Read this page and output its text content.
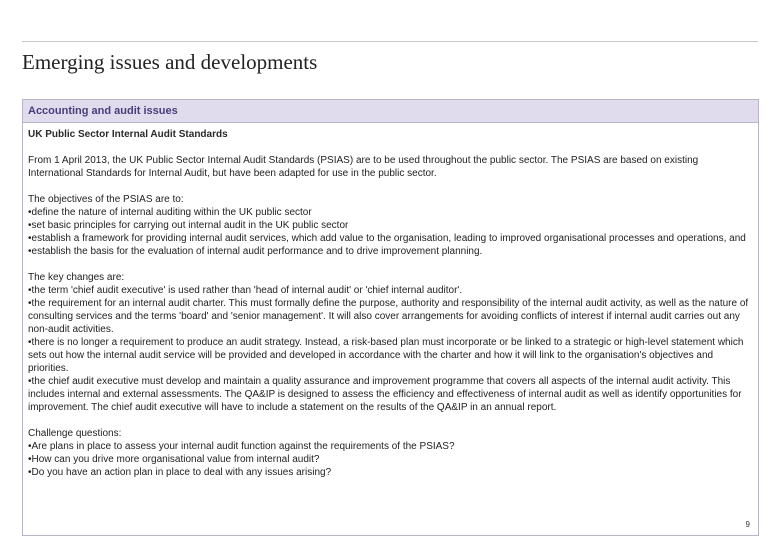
Emerging issues and developments
Accounting and audit issues

UK Public Sector Internal Audit Standards

From 1 April 2013, the UK Public Sector Internal Audit Standards (PSIAS) are to be used throughout the public sector. The PSIAS are based on existing International Standards for Internal Audit, but have been adapted for use in the public sector.

The objectives of the PSIAS are to:
• define the nature of internal auditing within the UK public sector
• set basic principles for carrying out internal audit in the UK public sector
• establish a framework for providing internal audit services, which add value to the organisation, leading to improved organisational processes and operations, and
• establish the basis for the evaluation of internal audit performance and to drive improvement planning.
The key changes are:
• the term 'chief audit executive' is used rather than 'head of internal audit' or 'chief internal auditor'.
• the requirement for an internal audit charter. This must formally define the purpose, authority and responsibility of the internal audit activity, as well as the nature of consulting services and the terms 'board' and 'senior management'. It will also cover arrangements for avoiding conflicts of interest if internal audit carries out any non-audit activities.
• there is no longer a requirement to produce an audit strategy. Instead, a risk-based plan must incorporate or be linked to a strategic or high-level statement which sets out how the internal audit service will be provided and developed in accordance with the charter and how it will link to the organisation's objectives and priorities.
• the chief audit executive must develop and maintain a quality assurance and improvement programme that covers all aspects of the internal audit activity. This includes internal and external assessments. The QA&IP is designed to assess the efficiency and effectiveness of internal audit as well as identify opportunities for improvement. The chief audit executive will have to include a statement on the results of the QA&IP in an annual report.
Challenge questions:
• Are plans in place to assess your internal audit function against the requirements of the PSIAS?
• How can you drive more organisational value from internal audit?
• Do you have an action plan in place to deal with any issues arising?
9
